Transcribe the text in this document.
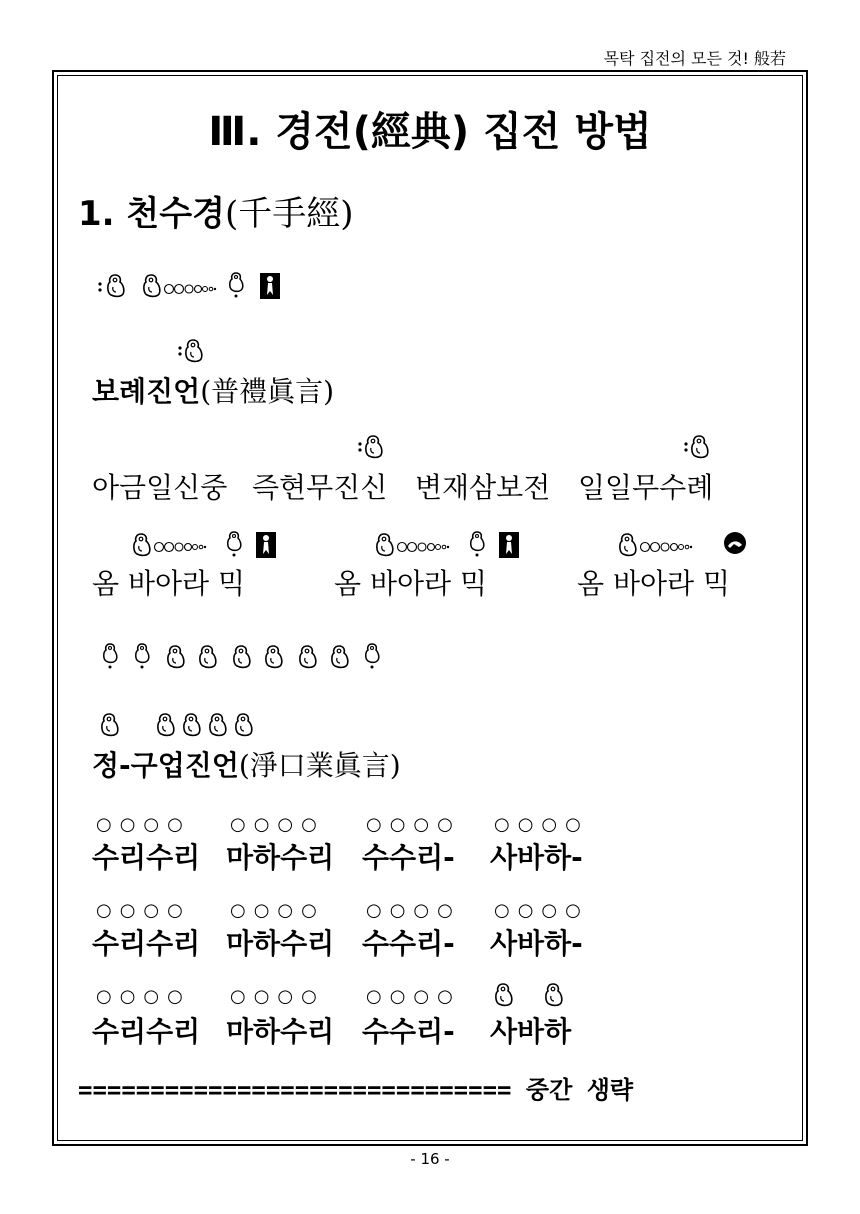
목탁 집전의 모든 것! 般若
Ⅲ. 경전(經典) 집전 방법
1. 천수경(千手經)
보례진언(普禮眞言)
아금일신중 즉현무진신 변재삼보전 일일무수례
옴 바아라 믹	옴 바아라 믹	옴 바아라 믹
정-구업진언(淨口業眞言)
○○○○ ○○○○ ○○○○ ○○○○
수리수리 마하수리 수수리- 사바하-
○○○○ ○○○○ ○○○○ ○○○○
수리수리 마하수리 수수리- 사바하-
○○○○ ○○○○ ○○○○
수리수리 마하수리 수수리- 사바하
============================== 중간 생략
- 16 -
